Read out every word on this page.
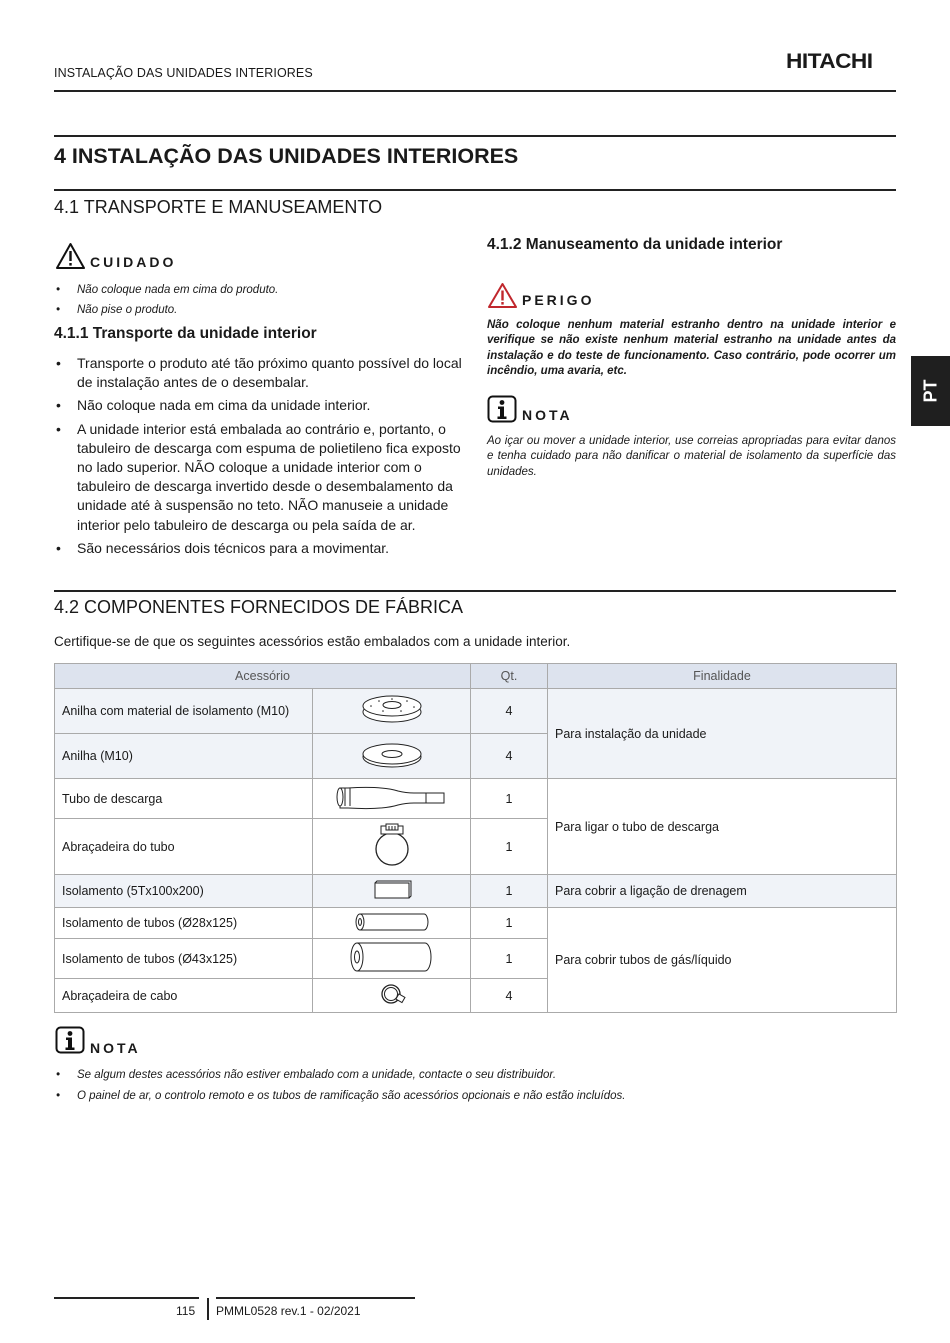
INSTALAÇÃO DAS UNIDADES INTERIORES	HITACHI
PT
4 INSTALAÇÃO DAS UNIDADES INTERIORES
4.1 TRANSPORTE E MANUSEAMENTO
CUIDADO
• Não coloque nada em cima do produto.
• Não pise o produto.
4.1.1 Transporte da unidade interior
• Transporte o produto até tão próximo quanto possível do local de instalação antes de o desembalar.
• Não coloque nada em cima da unidade interior.
• A unidade interior está embalada ao contrário e, portanto, o tabuleiro de descarga com espuma de polietileno fica exposto no lado superior. NÃO coloque a unidade interior com o tabuleiro de descarga invertido desde o desembalamento da unidade até à suspensão no teto. NÃO manuseie a unidade interior pelo tabuleiro de descarga ou pela saída de ar.
• São necessários dois técnicos para a movimentar.
4.1.2 Manuseamento da unidade interior
PERIGO
Não coloque nenhum material estranho dentro na unidade interior e verifique se não existe nenhum material estranho na unidade antes da instalação e do teste de funcionamento. Caso contrário, pode ocorrer um incêndio, uma avaria, etc.
NOTA
Ao içar ou mover a unidade interior, use correias apropriadas para evitar danos e tenha cuidado para não danificar o material de isolamento da superfície das unidades.
4.2 COMPONENTES FORNECIDOS DE FÁBRICA
Certifique-se de que os seguintes acessórios estão embalados com a unidade interior.
Acessório		Qt.	Finalidade
Anilha com material de isolamento (M10)		4	Para instalação da unidade
Anilha (M10)		4	
Tubo de descarga		1	Para ligar o tubo de descarga
Abraçadeira do tubo		1	
Isolamento (5Tx100x200)		1	Para cobrir a ligação de drenagem
Isolamento de tubos (Ø28x125)		1	Para cobrir tubos de gás/líquido
Isolamento de tubos (Ø43x125)		1	
Abraçadeira de cabo		4	
NOTA
• Se algum destes acessórios não estiver embalado com a unidade, contacte o seu distribuidor.
• O painel de ar, o controlo remoto e os tubos de ramificação são acessórios opcionais e não estão incluídos.
115 PMML0528 rev.1 - 02/2021
